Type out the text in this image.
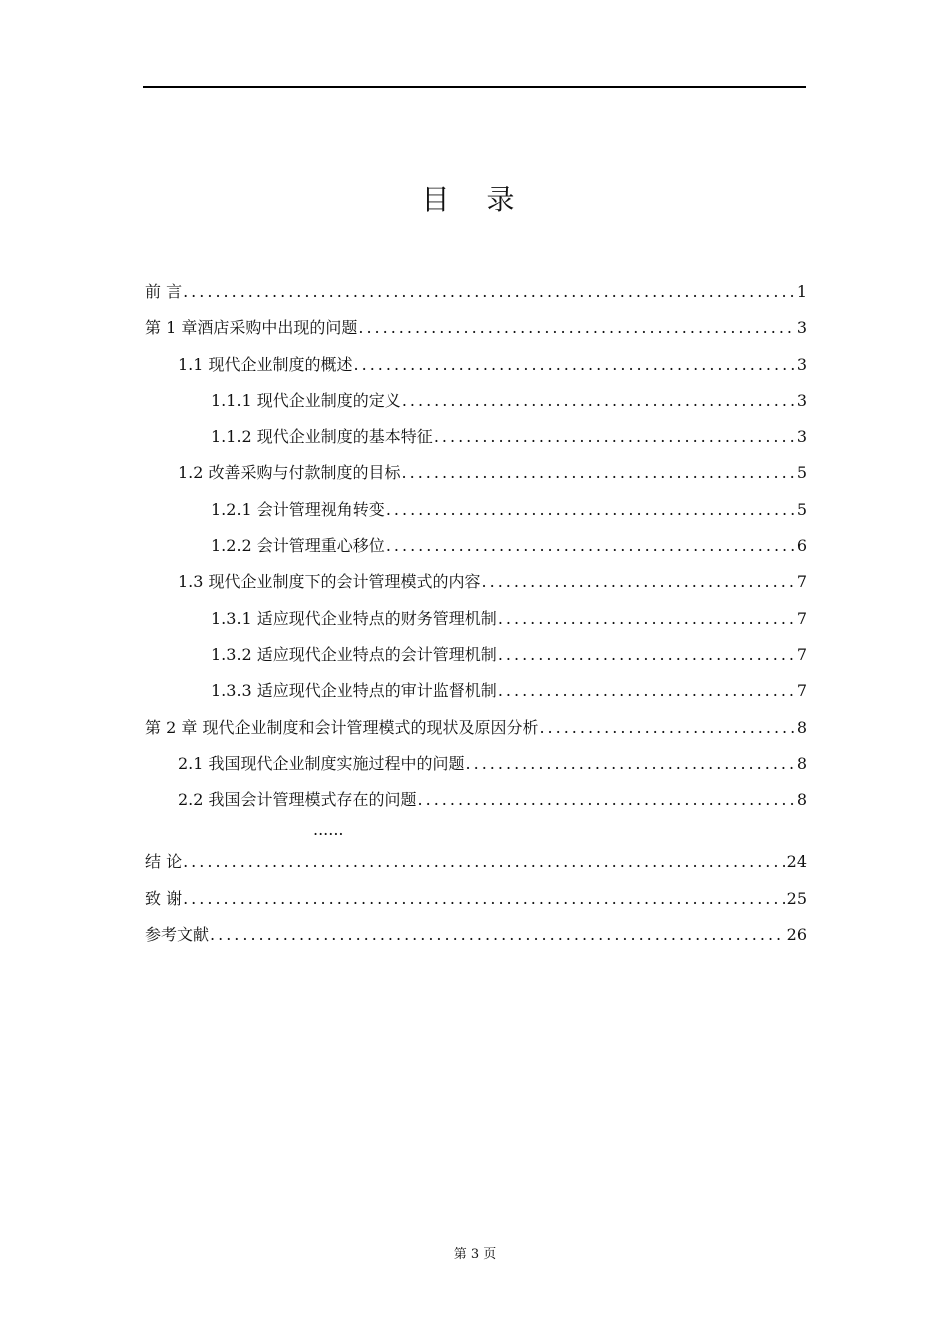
目 录
前 言 .....	1
第 1 章酒店采购中出现的问题 .....	3
1.1 现代企业制度的概述 .....	3
1.1.1 现代企业制度的定义 .....	3
1.1.2 现代企业制度的基本特征 .....	3
1.2 改善采购与付款制度的目标 .....	5
1.2.1 会计管理视角转变 .....	5
1.2.2 会计管理重心移位 .....	6
1.3 现代企业制度下的会计管理模式的内容 .....	7
1.3.1 适应现代企业特点的财务管理机制 .....	7
1.3.2 适应现代企业特点的会计管理机制 .....	7
1.3.3 适应现代企业特点的审计监督机制 .....	7
第 2 章 现代企业制度和会计管理模式的现状及原因分析 .....	8
2.1 我国现代企业制度实施过程中的问题 .....	8
2.2 我国会计管理模式存在的问题 .....	8
......
结 论 .....	24
致 谢 .....	25
参考文献 .....	26
第 3 页
